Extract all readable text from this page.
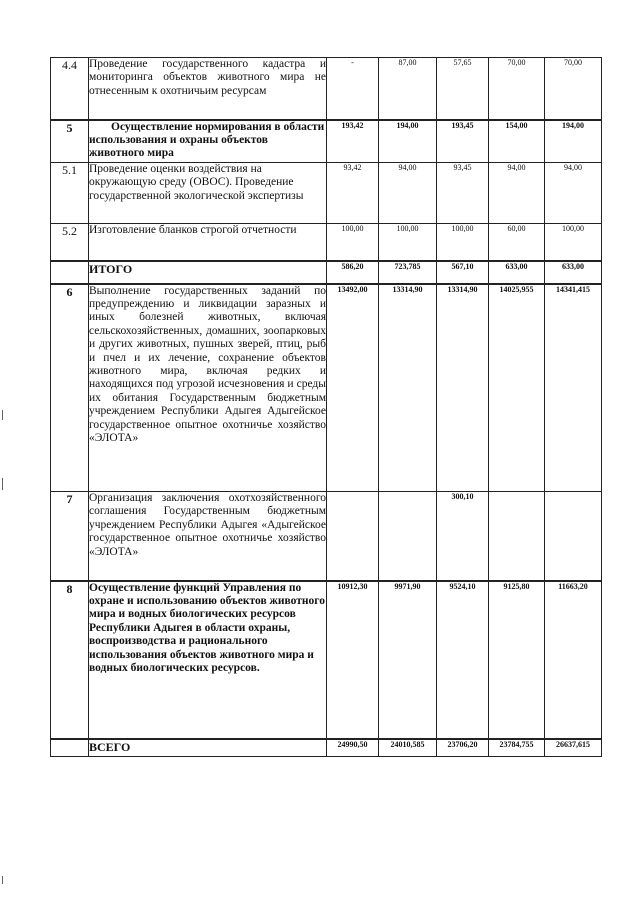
4.4	Проведение государственного кадастра и мониторинга объектов животного мира не отнесенным к охотничьим ресурсам	-	87,00	57,65	70,00	70,00
5	Осуществление нормирования в области использования и охраны объектов животного мира	193,42	194,00	193,45	154,00	194,00
5.1	Проведение оценки воздействия на окружающую среду (ОВОС). Проведение государственной экологической экспертизы	93,42	94,00	93,45	94,00	94,00
5.2	Изготовление бланков строгой отчетности	100,00	100,00	100,00	60,00	100,00
	ИТОГО	586,20	723,785	567,10	633,00	633,00
6	Выполнение государственных заданий по предупреждению и ликвидации заразных и иных болезней животных, включая сельскохозяйственных, домашних, зоопарковых и других животных, пушных зверей, птиц, рыб и пчел и их лечение, сохранение объектов животного мира, включая редких и находящихся под угрозой исчезновения и среды их обитания Государственным бюджетным учреждением Республики Адыгея Адыгейское государственное опытное охотничье хозяйство «ЭЛОТА»	13492,00	13314,90	13314,90	14025,955	14341,415
7	Организация заключения охотхозяйственного соглашения Государственным бюджетным учреждением Республики Адыгея «Адыгейское государственное опытное охотничье хозяйство «ЭЛОТА»			300,10		
8	Осуществление функций Управления по охране и использованию объектов животного мира и водных биологических ресурсов Республики Адыгея в области охраны, воспроизводства и рационального использования объектов животного мира и водных биологических ресурсов.	10912,30	9971,90	9524,10	9125,80	11663,20
	ВСЕГО	24990,50	24010,585	23706,20	23784,755	26637,615
